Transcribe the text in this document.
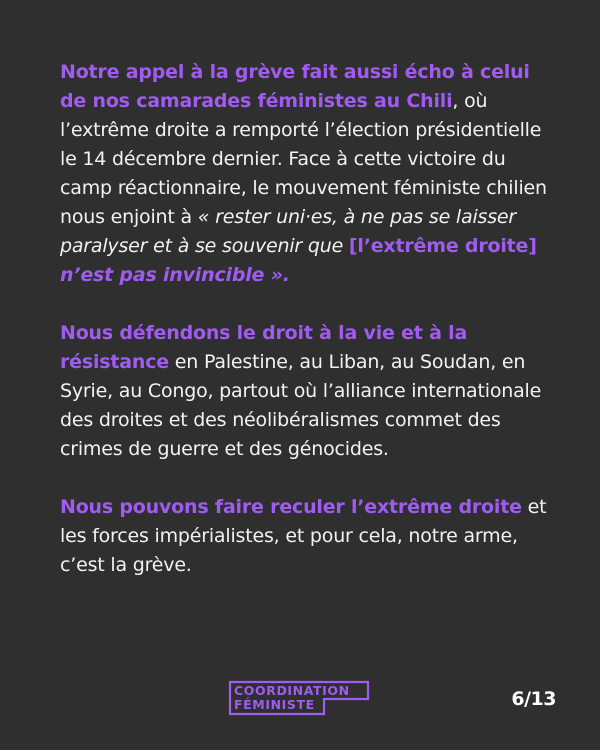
Notre appel à la grève fait aussi écho à celui de nos camarades féministes au Chili, où l’extrême droite a remporté l’élection présidentielle le 14 décembre dernier. Face à cette victoire du camp réactionnaire, le mouvement féministe chilien nous enjoint à « rester uni·es, à ne pas se laisser paralyser et à se souvenir que [l’extrême droite] n’est pas invincible ».

Nous défendons le droit à la vie et à la résistance en Palestine, au Liban, au Soudan, en Syrie, au Congo, partout où l’alliance internationale des droites et des néolibéralismes commet des crimes de guerre et des génocides.

Nous pouvons faire reculer l’extrême droite et les forces impérialistes, et pour cela, notre arme, c’est la grève.

COORDINATION
FÉMINISTE	6/13
